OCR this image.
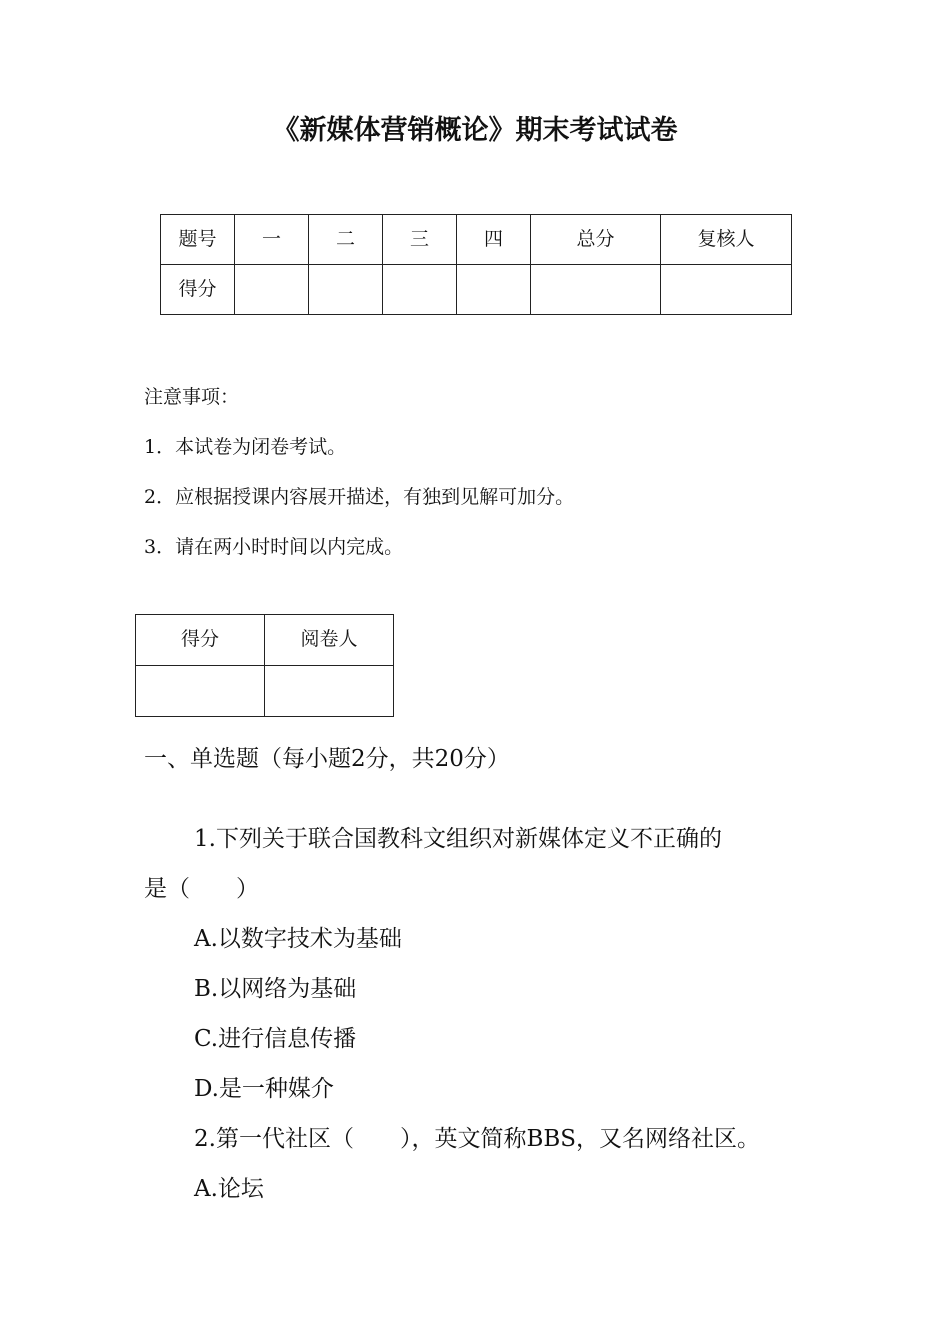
《新媒体营销概论》期末考试试卷
题号	一	二	三	四	总分	复核人
得分						
注意事项：
1．本试卷为闭卷考试。
2．应根据授课内容展开描述，有独到见解可加分。
3．请在两小时时间以内完成。
得分	阅卷人

一、单选题（每小题2分，共20分）
1.下列关于联合国教科文组织对新媒体定义不正确的
是（　　）
A.以数字技术为基础
B.以网络为基础
C.进行信息传播
D.是一种媒介
2.第一代社区（　　），英文简称BBS，又名网络社区。
A.论坛
